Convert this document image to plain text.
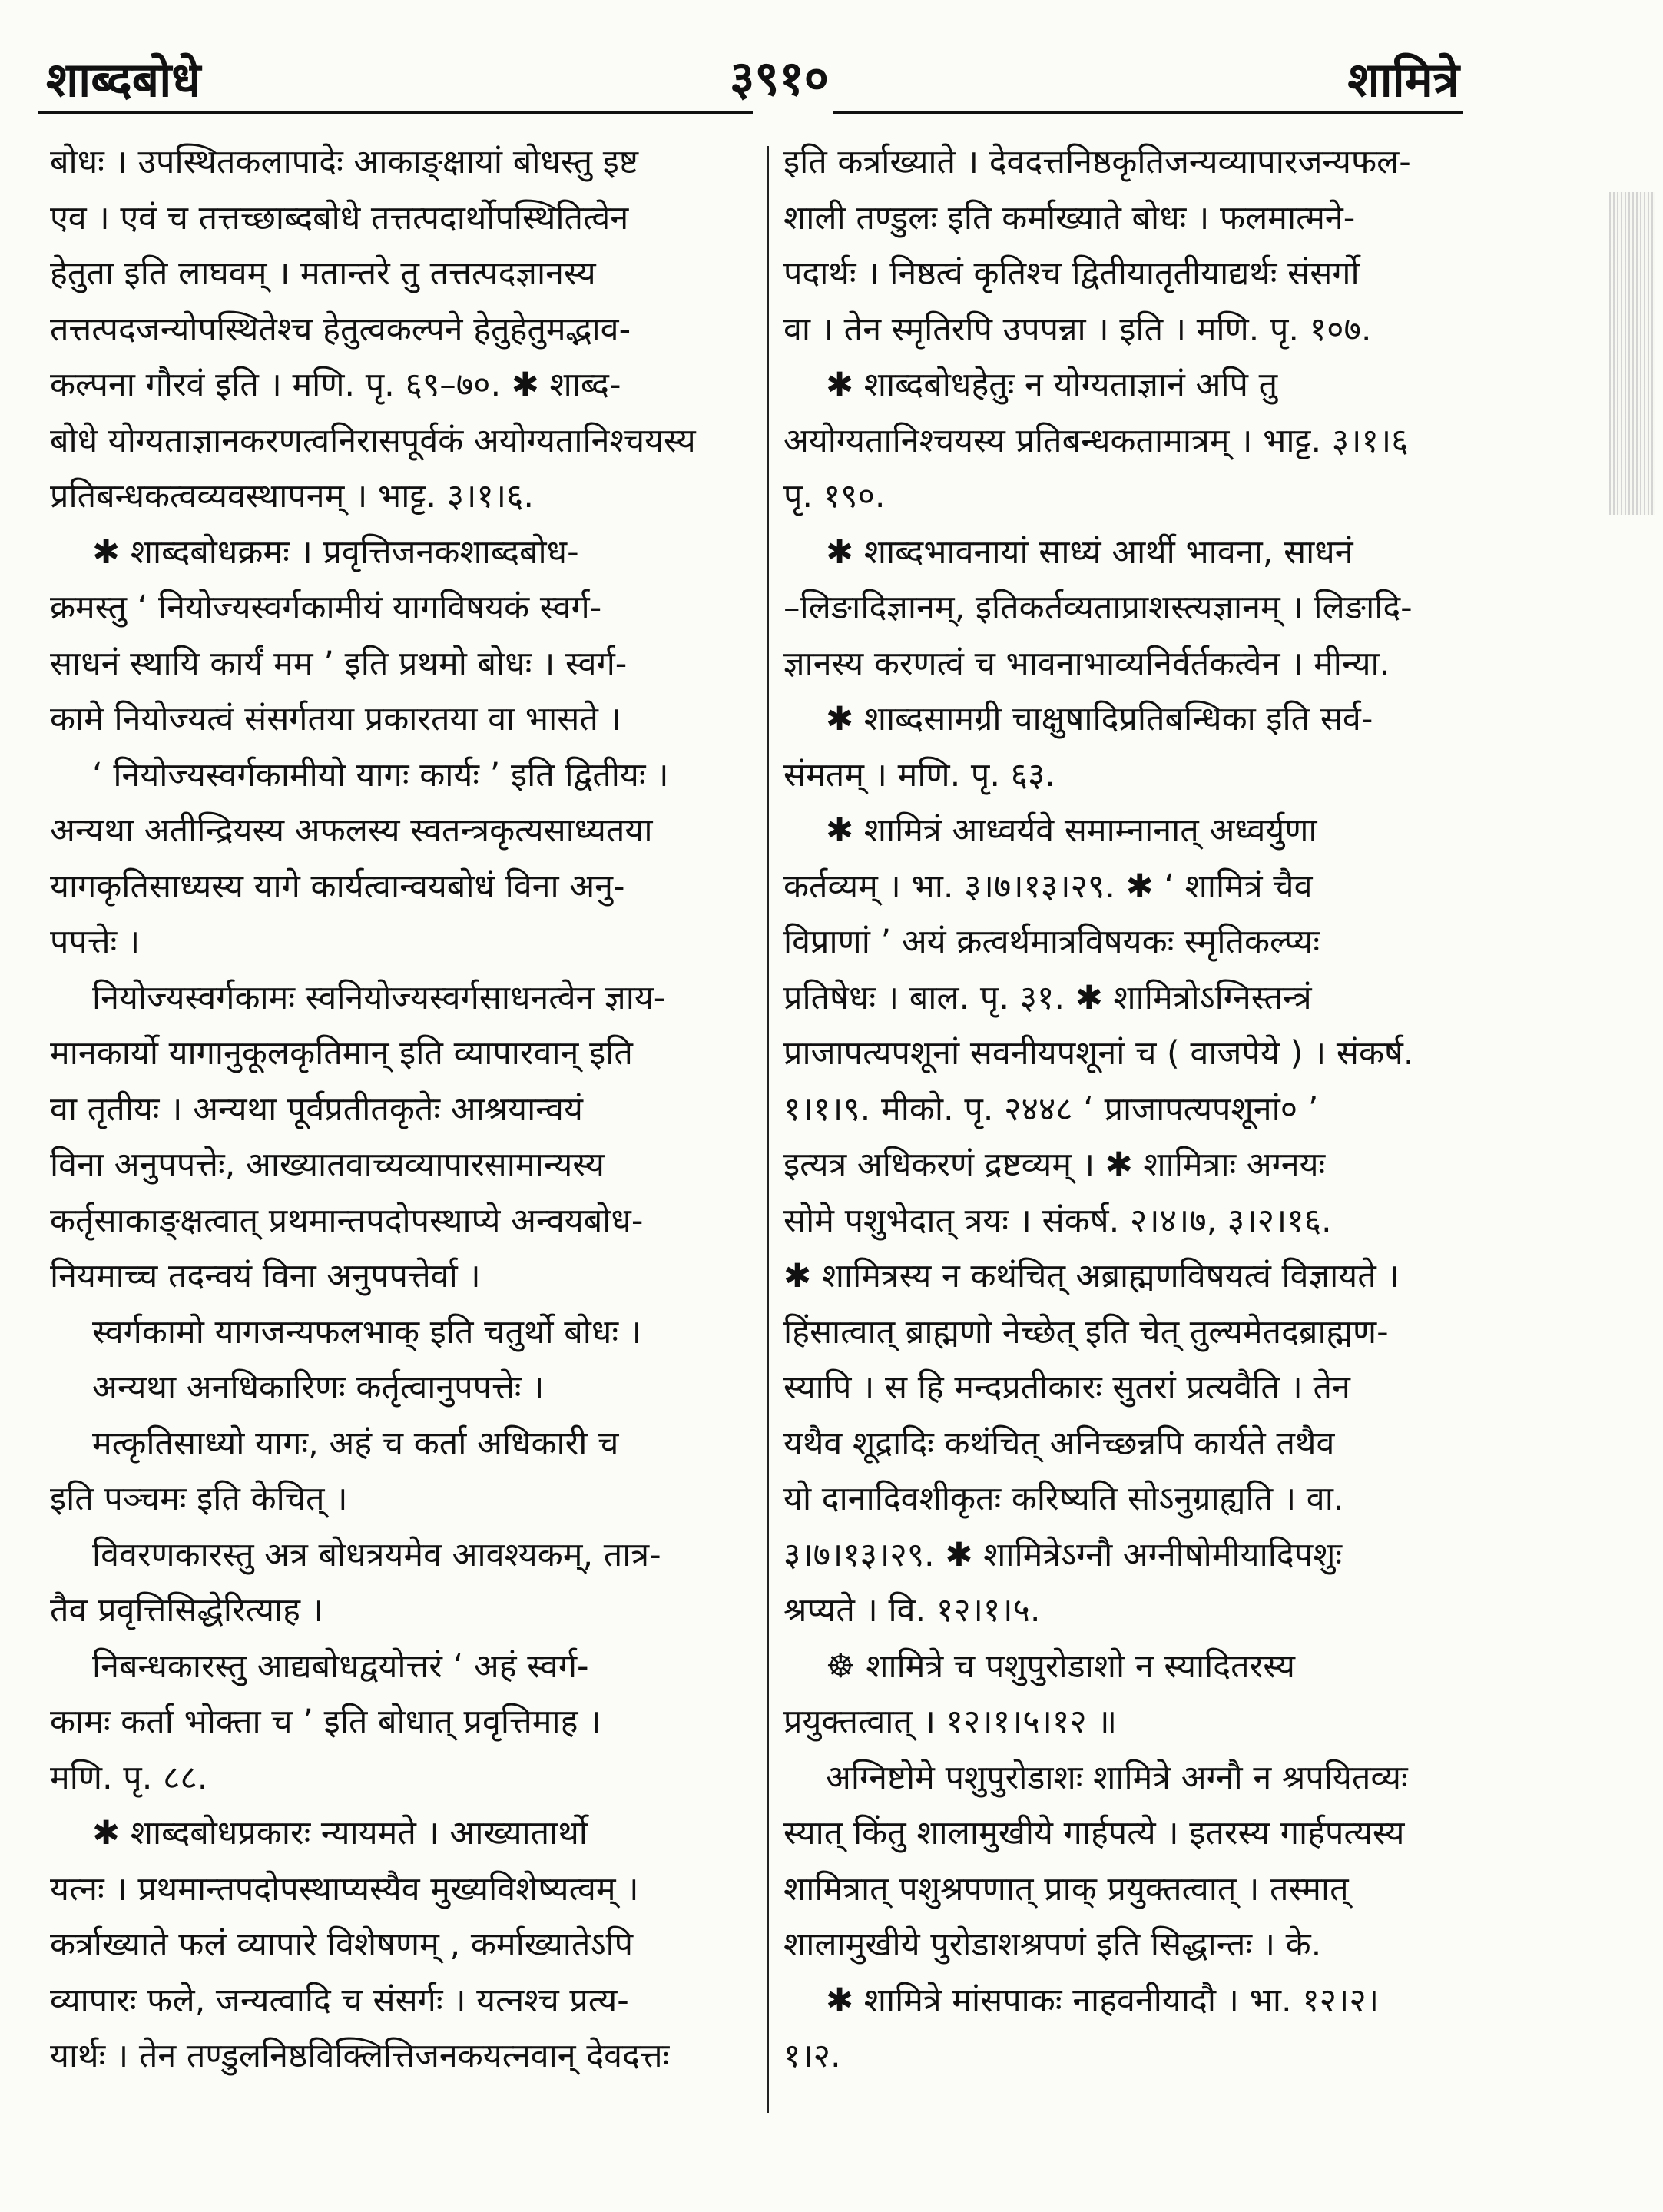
शाब्दबोधे	३९१०	शामित्रे
बोधः । उपस्थितकलापादेः आकाङ्क्षायां बोधस्तु इष्ट
एव । एवं च तत्तच्छाब्दबोधे तत्तत्पदार्थोपस्थितित्वेन
हेतुता इति लाघवम् । मतान्तरे तु तत्तत्पदज्ञानस्य
तत्तत्पदजन्योपस्थितेश्च हेतुत्वकल्पने हेतुहेतुमद्भाव-
कल्पना गौरवं इति । मणि. पृ. ६९–७०. ✱ शाब्द-
बोधे योग्यताज्ञानकरणत्वनिरासपूर्वकं अयोग्यतानिश्चयस्य
प्रतिबन्धकत्वव्यवस्थापनम् । भाट्ट. ३।१।६.
✱ शाब्दबोधक्रमः । प्रवृत्तिजनकशाब्दबोध-
क्रमस्तु ‘ नियोज्यस्वर्गकामीयं यागविषयकं स्वर्ग-
साधनं स्थायि कार्यं मम ’ इति प्रथमो बोधः । स्वर्ग-
कामे नियोज्यत्वं संसर्गतया प्रकारतया वा भासते ।
‘ नियोज्यस्वर्गकामीयो यागः कार्यः ’ इति द्वितीयः ।
अन्यथा अतीन्द्रियस्य अफलस्य स्वतन्त्रकृत्यसाध्यतया
यागकृतिसाध्यस्य यागे कार्यत्वान्वयबोधं विना अनु-
पपत्तेः ।
नियोज्यस्वर्गकामः स्वनियोज्यस्वर्गसाधनत्वेन ज्ञाय-
मानकार्यो यागानुकूलकृतिमान् इति व्यापारवान् इति
वा तृतीयः । अन्यथा पूर्वप्रतीतकृतेः आश्रयान्वयं
विना अनुपपत्तेः, आख्यातवाच्यव्यापारसामान्यस्य
कर्तृसाकाङ्क्षत्वात् प्रथमान्तपदोपस्थाप्ये अन्वयबोध-
नियमाच्च तदन्वयं विना अनुपपत्तेर्वा ।
स्वर्गकामो यागजन्यफलभाक् इति चतुर्थो बोधः ।
अन्यथा अनधिकारिणः कर्तृत्वानुपपत्तेः ।
मत्कृतिसाध्यो यागः, अहं च कर्ता अधिकारी च
इति पञ्चमः इति केचित् ।
विवरणकारस्तु अत्र बोधत्रयमेव आवश्यकम्, तात्र-
तैव प्रवृत्तिसिद्धेरित्याह ।
निबन्धकारस्तु आद्यबोधद्वयोत्तरं ‘ अहं स्वर्ग-
कामः कर्ता भोक्ता च ’ इति बोधात् प्रवृत्तिमाह ।
मणि. पृ. ८८.
✱ शाब्दबोधप्रकारः न्यायमते । आख्यातार्थो
यत्नः । प्रथमान्तपदोपस्थाप्यस्यैव मुख्यविशेष्यत्वम् ।
कर्त्राख्याते फलं व्यापारे विशेषणम् , कर्माख्यातेऽपि
व्यापारः फले, जन्यत्वादि च संसर्गः । यत्नश्च प्रत्य-
यार्थः । तेन तण्डुलनिष्ठविक्लित्तिजनकयत्नवान् देवदत्तः
इति कर्त्राख्याते । देवदत्तनिष्ठकृतिजन्यव्यापारजन्यफल-
शाली तण्डुलः इति कर्माख्याते बोधः । फलमात्मने-
पदार्थः । निष्ठत्वं कृतिश्च द्वितीयातृतीयाद्यर्थः संसर्गो
वा । तेन स्मृतिरपि उपपन्ना । इति । मणि. पृ. १०७.
✱ शाब्दबोधहेतुः न योग्यताज्ञानं अपि तु
अयोग्यतानिश्चयस्य प्रतिबन्धकतामात्रम् । भाट्ट. ३।१।६
पृ. १९०.
✱ शाब्दभावनायां साध्यं आर्थी भावना, साधनं
–लिङादिज्ञानम्, इतिकर्तव्यताप्राशस्त्यज्ञानम् । लिङादि-
ज्ञानस्य करणत्वं च भावनाभाव्यनिर्वर्तकत्वेन । मीन्या.
✱ शाब्दसामग्री चाक्षुषादिप्रतिबन्धिका इति सर्व-
संमतम् । मणि. पृ. ६३.
✱ शामित्रं आध्वर्यवे समाम्नानात् अध्वर्युणा
कर्तव्यम् । भा. ३।७।१३।२९. ✱ ‘ शामित्रं चैव
विप्राणां ’ अयं क्रत्वर्थमात्रविषयकः स्मृतिकल्प्यः
प्रतिषेधः । बाल. पृ. ३१. ✱ शामित्रोऽग्निस्तन्त्रं
प्राजापत्यपशूनां सवनीयपशूनां च ( वाजपेये ) । संकर्ष.
१।१।९. मीको. पृ. २४४८ ‘ प्राजापत्यपशूनां० ’
इत्यत्र अधिकरणं द्रष्टव्यम् । ✱ शामित्राः अग्नयः
सोमे पशुभेदात् त्रयः । संकर्ष. २।४।७, ३।२।१६.
✱ शामित्रस्य न कथंचित् अब्राह्मणविषयत्वं विज्ञायते ।
हिंसात्वात् ब्राह्मणो नेच्छेत् इति चेत् तुल्यमेतदब्राह्मण-
स्यापि । स हि मन्दप्रतीकारः सुतरां प्रत्यवैति । तेन
यथैव शूद्रादिः कथंचित् अनिच्छन्नपि कार्यते तथैव
यो दानादिवशीकृतः करिष्यति सोऽनुग्राह्यति । वा.
३।७।१३।२९. ✱ शामित्रेऽग्नौ अग्नीषोमीयादिपशुः
श्रप्यते । वि. १२।१।५.
☸ शामित्रे च पशुपुरोडाशो न स्यादितरस्य
प्रयुक्तत्वात् । १२।१।५।१२ ॥
अग्निष्टोमे पशुपुरोडाशः शामित्रे अग्नौ न श्रपयितव्यः
स्यात् किंतु शालामुखीये गार्हपत्ये । इतरस्य गार्हपत्यस्य
शामित्रात् पशुश्रपणात् प्राक् प्रयुक्तत्वात् । तस्मात्
शालामुखीये पुरोडाशश्रपणं इति सिद्धान्तः । के.
✱ शामित्रे मांसपाकः नाहवनीयादौ । भा. १२।२।
१।२.
